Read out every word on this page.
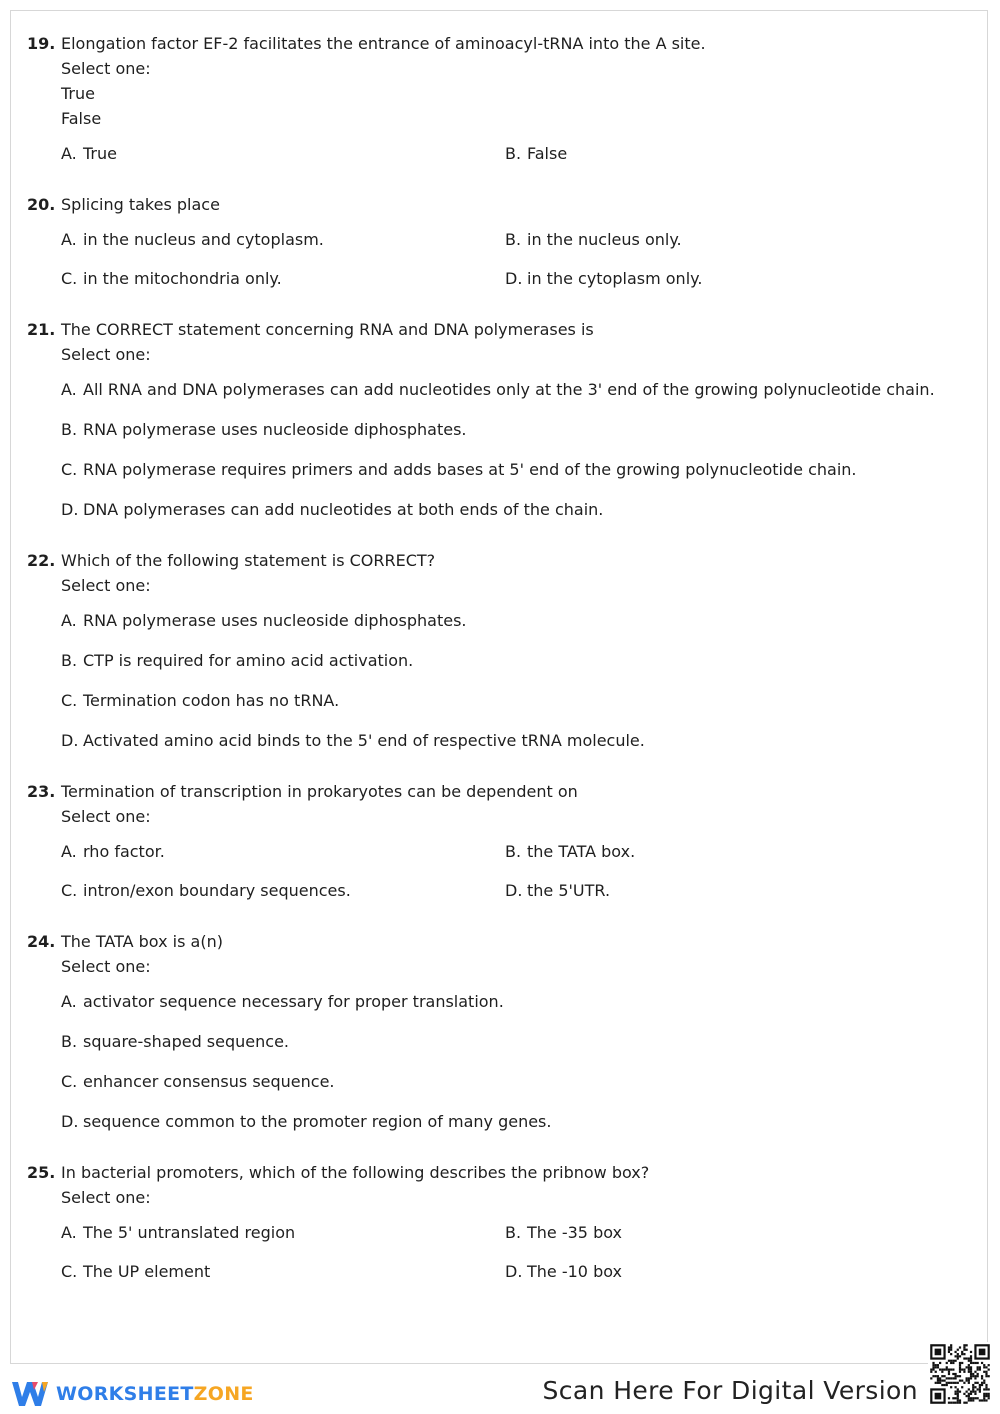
19. Elongation factor EF-2 facilitates the entrance of aminoacyl-tRNA into the A site.
Select one:
True
False
A. True	B. False
20. Splicing takes place
A. in the nucleus and cytoplasm.	B. in the nucleus only.
C. in the mitochondria only.	D. in the cytoplasm only.
21. The CORRECT statement concerning RNA and DNA polymerases is
Select one:
A. All RNA and DNA polymerases can add nucleotides only at the 3' end of the growing polynucleotide chain.
B. RNA polymerase uses nucleoside diphosphates.
C. RNA polymerase requires primers and adds bases at 5' end of the growing polynucleotide chain.
D. DNA polymerases can add nucleotides at both ends of the chain.
22. Which of the following statement is CORRECT?
Select one:
A. RNA polymerase uses nucleoside diphosphates.
B. CTP is required for amino acid activation.
C. Termination codon has no tRNA.
D. Activated amino acid binds to the 5' end of respective tRNA molecule.
23. Termination of transcription in prokaryotes can be dependent on
Select one:
A. rho factor.	B. the TATA box.
C. intron/exon boundary sequences.	D. the 5'UTR.
24. The TATA box is a(n)
Select one:
A. activator sequence necessary for proper translation.
B. square-shaped sequence.
C. enhancer consensus sequence.
D. sequence common to the promoter region of many genes.
25. In bacterial promoters, which of the following describes the pribnow box?
Select one:
A. The 5' untranslated region	B. The -35 box
C. The UP element	D. The -10 box
WORKSHEETZONE	Scan Here For Digital Version
